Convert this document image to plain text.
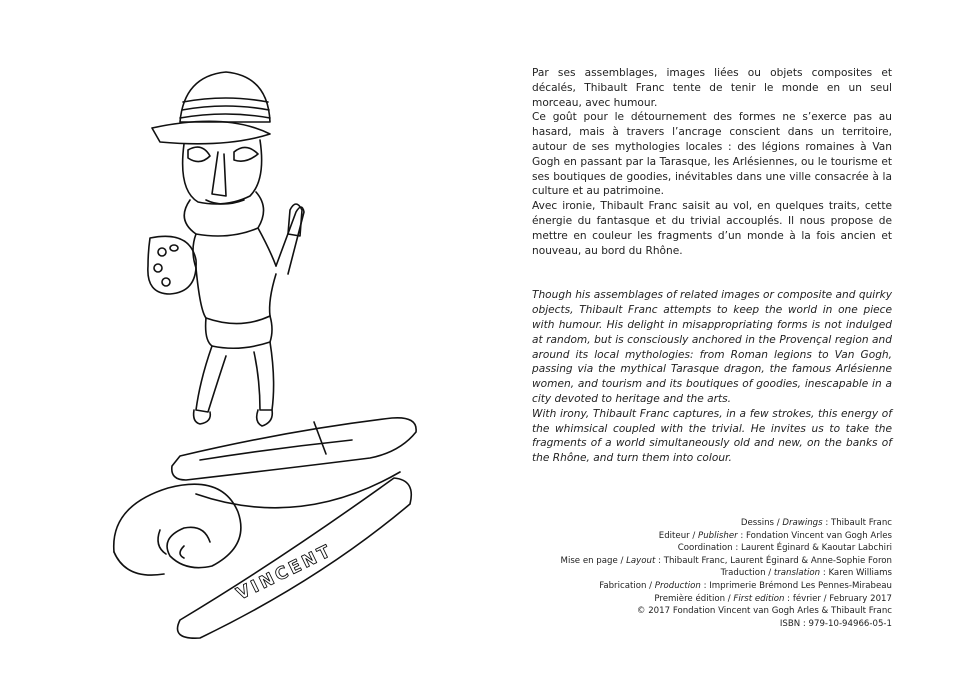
VINCENT

Par ses assemblages, images liées ou objets composites et décalés, Thibault Franc tente de tenir le monde en un seul morceau, avec humour.

Ce goût pour le détournement des formes ne s’exerce pas au hasard, mais à travers l’ancrage conscient dans un territoire, autour de ses mythologies locales : des légions romaines à Van Gogh en passant par la Tarasque, les Arlésiennes, ou le tourisme et ses boutiques de goodies, inévitables dans une ville consacrée à la culture et au patrimoine.

Avec ironie, Thibault Franc saisit au vol, en quelques traits, cette énergie du fantasque et du trivial accouplés. Il nous propose de mettre en couleur les fragments d’un monde à la fois ancien et nouveau, au bord du Rhône.

Though his assemblages of related images or composite and quirky objects, Thibault Franc attempts to keep the world in one piece with humour. His delight in misappropriating forms is not indulged at random, but is consciously anchored in the Provençal region and around its local mythologies: from Roman legions to Van Gogh, passing via the mythical Tarasque dragon, the famous Arlésienne women, and tourism and its boutiques of goodies, inescapable in a city devoted to heritage and the arts.

With irony, Thibault Franc captures, in a few strokes, this energy of the whimsical coupled with the trivial. He invites us to take the fragments of a world simultaneously old and new, on the banks of the Rhône, and turn them into colour.

Dessins / Drawings : Thibault Franc
Editeur / Publisher : Fondation Vincent van Gogh Arles
Coordination : Laurent Éginard & Kaoutar Labchiri
Mise en page / Layout : Thibault Franc, Laurent Éginard & Anne-Sophie Foron
Traduction / translation : Karen Williams
Fabrication / Production : Imprimerie Brémond Les Pennes-Mirabeau
Première édition / First edition : février / February 2017
© 2017 Fondation Vincent van Gogh Arles & Thibault Franc
ISBN : 979-10-94966-05-1
